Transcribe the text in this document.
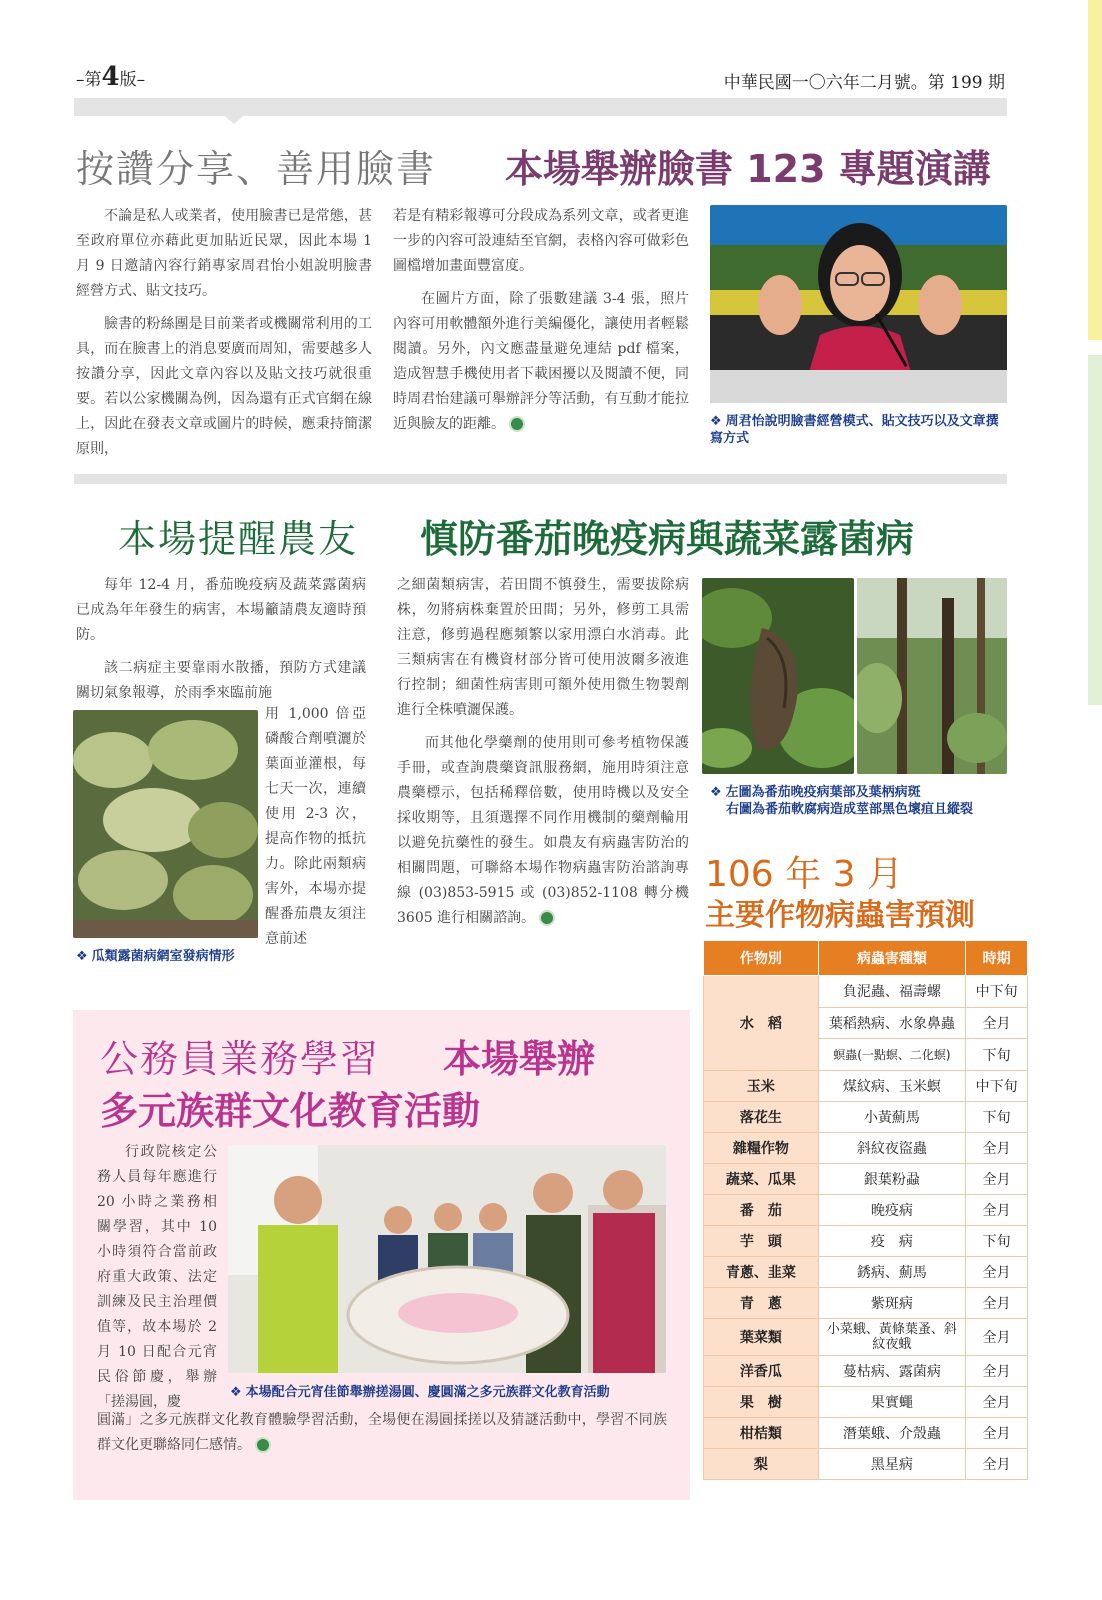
–第4版–	中華民國一〇六年二月號。第 199 期
按讚分享、善用臉書 本場舉辦臉書 123 專題演講

不論是私人或業者，使用臉書已是常態，甚至政府單位亦藉此更加貼近民眾，因此本場 1 月 9 日邀請內容行銷專家周君怡小姐說明臉書經營方式、貼文技巧。

臉書的粉絲團是目前業者或機關常利用的工具，而在臉書上的消息要廣而周知，需要越多人按讚分享，因此文章內容以及貼文技巧就很重要。若以公家機關為例，因為還有正式官網在線上，因此在發表文章或圖片的時候，應秉持簡潔原則，

若是有精彩報導可分段成為系列文章，或者更進一步的內容可設連結至官網，表格內容可做彩色圖檔增加畫面豐富度。

在圖片方面，除了張數建議 3-4 張，照片內容可用軟體額外進行美編優化，讓使用者輕鬆閱讀。另外，內文應盡量避免連結 pdf 檔案，造成智慧手機使用者下載困擾以及閱讀不便，同時周君怡建議可舉辦評分等活動，有互動才能拉近與臉友的距離。	❖ 周君怡說明臉書經營模式、貼文技巧以及文章撰寫方式
本場提醒農友 慎防番茄晚疫病與蔬菜露菌病

每年 12-4 月，番茄晚疫病及蔬菜露菌病已成為年年發生的病害，本場籲請農友適時預防。

該二病症主要靠雨水散播，預防方式建議關切氣象報導，於雨季來臨前施

用 1,000 倍亞磷酸合劑噴灑於葉面並灌根，每七天一次，連續使用 2-3 次，提高作物的抵抗力。除此兩類病害外，本場亦提醒番茄農友須注意前述

❖ 瓜類露菌病網室發病情形

之細菌類病害，若田間不慎發生，需要拔除病株，勿將病株棄置於田間；另外，修剪工具需注意，修剪過程應頻繁以家用漂白水消毒。此三類病害在有機資材部分皆可使用波爾多液進行控制；細菌性病害則可額外使用微生物製劑進行全株噴灑保護。

而其他化學藥劑的使用則可參考植物保護手冊，或查詢農藥資訊服務網，施用時須注意農藥標示，包括稀釋倍數，使用時機以及安全採收期等，且須選擇不同作用機制的藥劑輪用以避免抗藥性的發生。如農友有病蟲害防治的相關問題，可聯絡本場作物病蟲害防治諮詢專線 (03)853-5915 或 (03)852-1108 轉分機 3605 進行相關諮詢。

❖ 左圖為番茄晚疫病葉部及葉柄病斑
右圖為番茄軟腐病造成莖部黑色壞疽且縱裂
公務員業務學習 本場舉辦
多元族群文化教育活動

行政院核定公務人員每年應進行 20 小時之業務相關學習，其中 10 小時須符合當前政府重大政策、法定訓練及民主治理價值等，故本場於 2 月 10 日配合元宵民俗節慶，舉辦「搓湯圓，慶

❖ 本場配合元宵佳節舉辦搓湯圓、慶圓滿之多元族群文化教育活動

圓滿」之多元族群文化教育體驗學習活動，全場便在湯圓揉搓以及猜謎活動中，學習不同族群文化更聯絡同仁感情。

106 年 3 月
主要作物病蟲害預測
作物別	病蟲害種類	時期
水　稻	負泥蟲、福壽螺	中下旬
	葉稻熱病、水象鼻蟲	全月
	螟蟲(一點螟、二化螟)	下旬
玉米	煤紋病、玉米螟	中下旬
落花生	小黃薊馬	下旬
雜糧作物	斜紋夜盜蟲	全月
蔬菜、瓜果	銀葉粉蝨	全月
番　茄	晚疫病	全月
芋　頭	疫　病	下旬
青蔥、韭菜	銹病、薊馬	全月
青　蔥	紫斑病	全月
葉菜類	小菜蛾、黃條葉蚤、斜紋夜蛾	全月
洋香瓜	蔓枯病、露菌病	全月
果　樹	果實蠅	全月
柑桔類	潛葉蛾、介殼蟲	全月
梨	黑星病	全月
